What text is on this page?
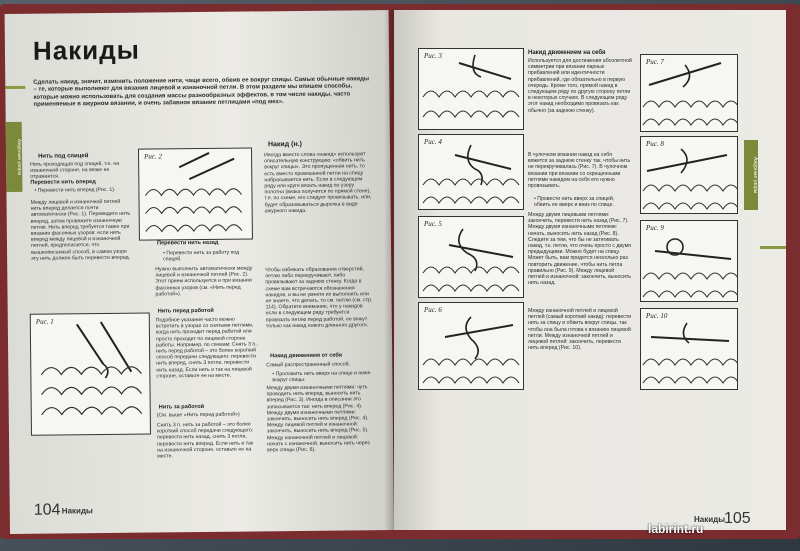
Накиды
Сделать накид, значит, изменить положение нити, чаще всего, обвив ее вокруг спицы. Самые обычные накиды – те, которые выполняют для вязания лицевой и изнаночной петли. В этом разделе мы опишем способы, которые можно использовать для создания массы разнообразных эффектов, в том числе накиды, часто применяемые в ажурном вязании, и очень забавное вязание петлицами «под мех».
Ажурные узоры	Нить под спицей
Нить проходящая под спицей, т.е. на изнаночной стороне, на вязке не отражается.
Перевести нить вперед
• Перевести нить вперед (Рис. 1).
Между лицевой и изнаночной петлей нить вперед делается почти автоматически (Рис. 1). Переведите нить вперед, затем провяжите изнаночную петлю. Нить вперед требуется также при вязании фасонных узоров: если нить вперед между лицевой и изнаночной петлей, предполагается, что вышеописанный способ, в самом узоре эту нить должен быть перевести вперед.
Рис. 1
Рис. 2
Перевести нить назад
• Перевести нить за работу под спицей.
Нужно выполнить автоматически между лицевой и изнаночной петлей (Рис. 2). Этот прием используется и при вязании фасонных узоров (см. «Нить перед работой»).
Нить перед работой
Подобное указание часто можно встретить в узорах со снятыми петлями, когда нить проходит перед работой или просто проходит по лицевой стороне работы. Например, по схемам: Снять 3 п., нить перед работой – это более короткий способ передачи следующего: перевести нить вперед, снять 3 петли, перевести нить назад. Если нить и так на лицевой стороне, оставьте ее на месте.
Нить за работой
(См. выше «Нить перед работой»)
Снять 3 п. нить за работой – это более короткий способ передачи следующего: перевести нить назад, снять 3 петли, перевести нить вперед. Если нить и так на изнаночной стороне, оставьте ее на месте.
Накид (н.)
Иногда вместо слова «накид» используют описательную конструкцию: «обвить нить вокруг спицы». Это пропущенная нить, то есть вместо провязанной петли на спицу набрасывается нить. Если в следующем ряду или круге вязать накид по узору полотна (вязка получится по прямой стене), т.е. по схеме, его следует провязывать, или, будет образовываться дырочка в виде ажурного накида.
Чтобы избежать образования отверстий, петлю либо перекручивают, либо провязывают за заднюю стенку. Когда в схеме вам встречаются обозначения накидов, и вы не умеете их выполнять или не знаете, что делать, то см. петлю (см. стр. 114). Обратите внимание, что у накидов если в следующем ряду требуется провязать петлю перед работой, ее вяжут только как накид нового длинного другого.
Накид движением от себя
Самый распространенный способ.
• Проложить нить вверх на спице и ниже вокруг спицы.
Между двумя изнаночными петлями: чуть проводить нить вперед, выносить нить вперед (Рис. 3). Иногда в описании это записывается так: нить вперед (Рис. 4). Между двумя изнаночными петлями: закончить, выносить нить вперед (Рис. 4). Между лицевой петлей и изнаночной: закончить, выносить нить вперед (Рис. 5). Между изнаночной петлей и лицевой: начать с изнаночной, выносить нить через верх спицы (Рис. 6).
104 Накиды
Рис. 3
Рис. 4
Рис. 5
Рис. 6
Накид движением на себя
Используется для достижения абсолютной симметрии при вязании парных прибавлений или идентичности прибавлений, где обязательно в первую очередь. Кроме того, прямой накид в следующем ряду по другую сторону петли в некоторых случаях. В следующем ряду этот накид необходимо провязать как обычно (за заднюю стенку).
В чулочном вязании накид на себя вяжется за заднюю стенку так, чтобы нить не перекручивалась (Рис. 7). В чулочном вязании при вязании со скрещенными петлями накидом на себя его нужно провязывать.
• Провести нить вверх за спицей, обвить ее вверх и вниз по спице.
Между двумя лицевыми петлями: закончить, перевести нить назад (Рис. 7). Между двумя изнаночными петлями: начать, выносить нить назад (Рис. 8). Следите за тем, что бы не затягивать накид, т.к. петли, что очень просто с двумя предыдущими. Можно будет на спицу. Может быть, вам придется несколько раз повторить движение, чтобы нить легла правильно (Рис. 9). Между лицевой петлей и изнаночной: закончить, выносить нить назад.
Между изнаночной петлей и лицевой петлей (самый короткий накид): перевести нить за спицу и обвить вокруг спицы, так чтобы она была готова к вязанию лицевой петли. Между изнаночной петлей и лицевой петлей: закончить, перевести нить вперед (Рис. 10).
Рис. 7
Рис. 8
Рис. 9
Рис. 10
Ажурные узоры
Накиды
105
labirint.ru
